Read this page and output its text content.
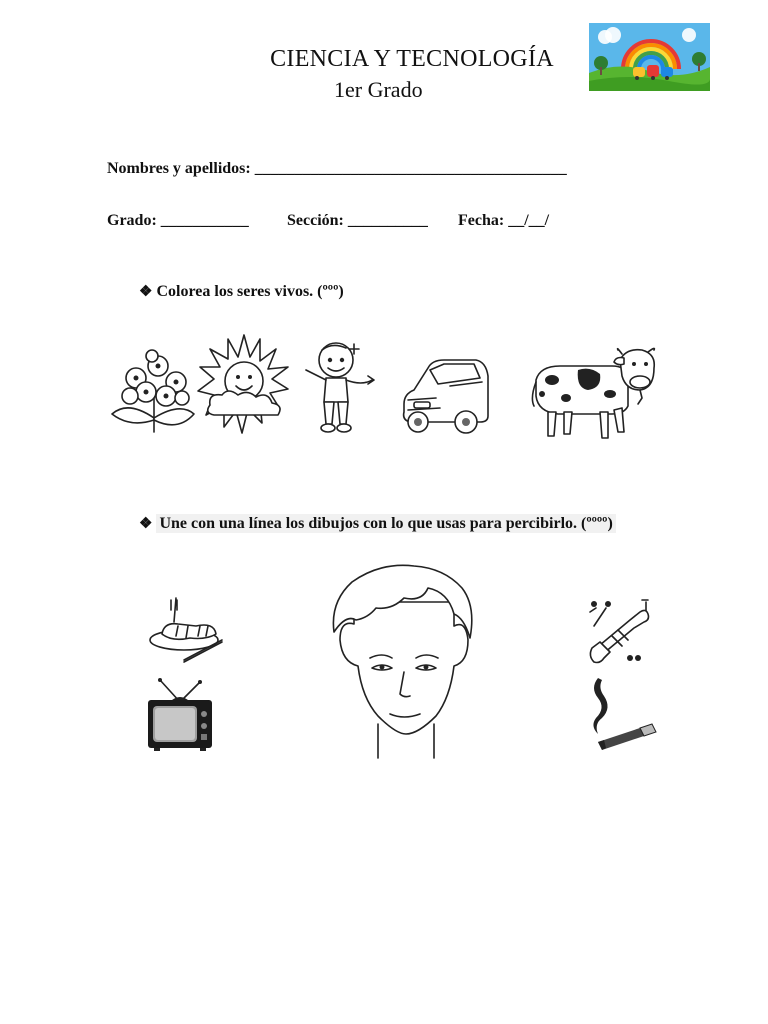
CIENCIA Y TECNOLOGÍA
1er Grado
Nombres y apellidos: _______________________________________
Grado: ___________ Sección: __________ Fecha: __/__/

❖ Colorea los seres vivos. (ººº)

❖ Une con una línea los dibujos con lo que usas para percibirlo. (ºººº)
